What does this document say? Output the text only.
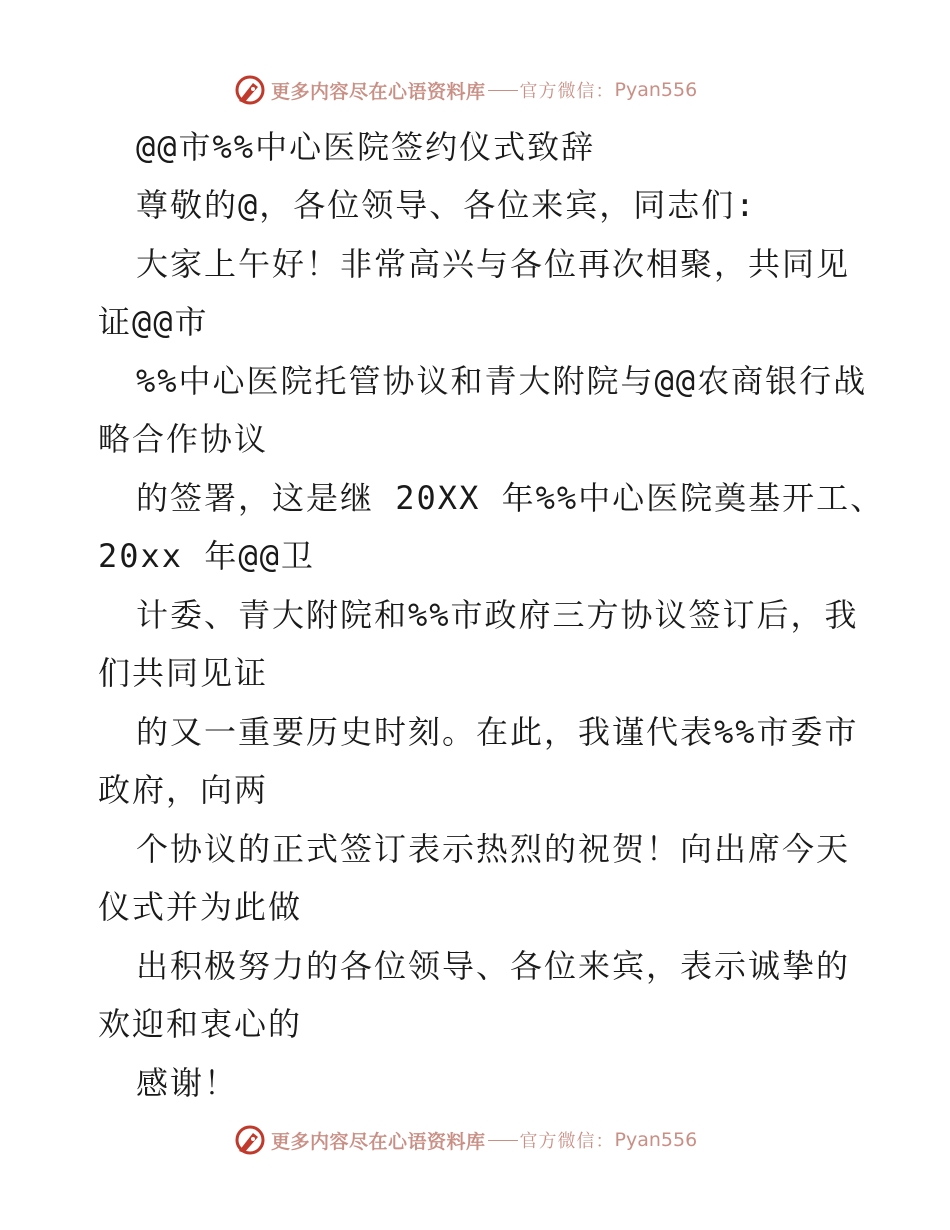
更多内容尽在心语资料库 官方微信： Pyan556
@@市%%中心医院签约仪式致辞
尊敬的@，各位领导、各位来宾，同志们:
大家上午好！非常高兴与各位再次相聚，共同见
证@@市
%%中心医院托管协议和青大附院与@@农商银行战
略合作协议
的签署，这是继 20XX 年%%中心医院奠基开工、
20xx 年@@卫
计委、青大附院和%%市政府三方协议签订后，我
们共同见证
的又一重要历史时刻。在此，我谨代表%%市委市
政府，向两
个协议的正式签订表示热烈的祝贺！向出席今天
仪式并为此做
出积极努力的各位领导、各位来宾，表示诚挚的
欢迎和衷心的
感谢！
更多内容尽在心语资料库 官方微信： Pyan556
